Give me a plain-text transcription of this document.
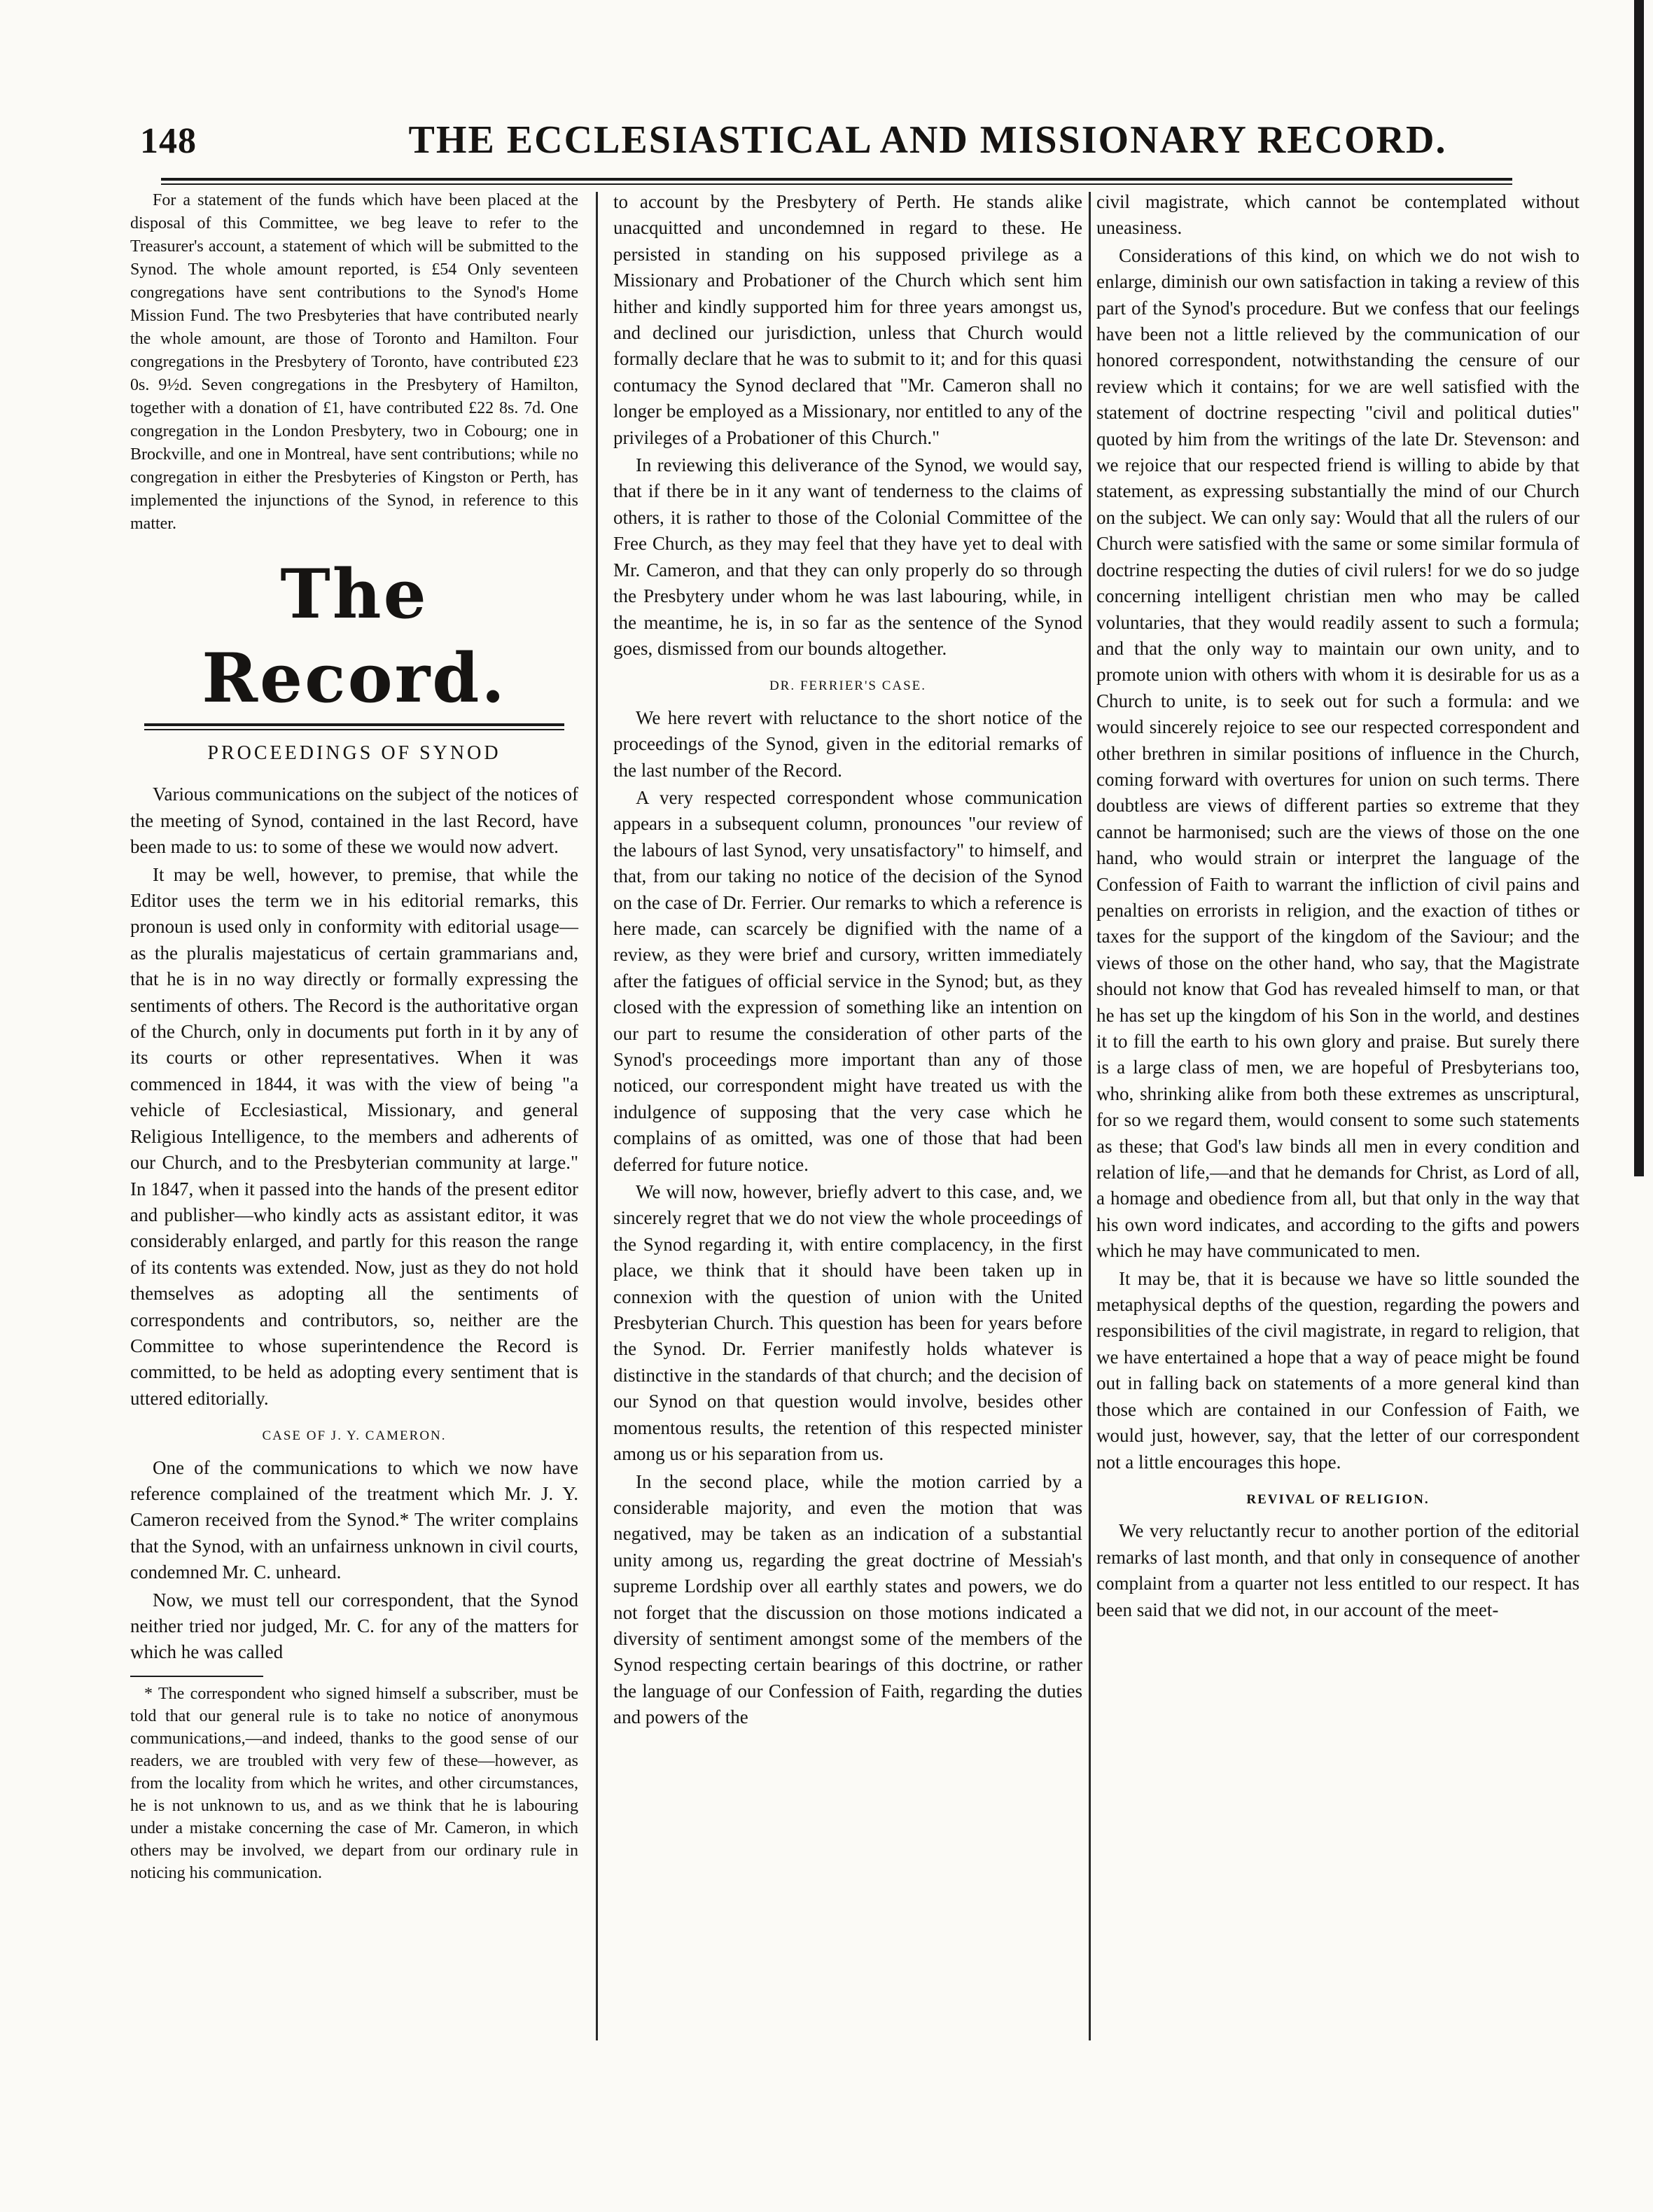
148	THE ECCLESIASTICAL AND MISSIONARY RECORD.

For a statement of the funds which have been placed at the disposal of this Committee, we beg leave to refer to the Treasurer's account, a statement of which will be submitted to the Synod. The whole amount reported, is £54 Only seventeen congregations have sent contributions to the Synod's Home Mission Fund. The two Presbyteries that have contributed nearly the whole amount, are those of Toronto and Hamilton. Four congregations in the Presbytery of Toronto, have contributed £23 0s. 9½d. Seven congregations in the Presbytery of Hamilton, together with a donation of £1, have contributed £22 8s. 7d. One congregation in the London Presbytery, two in Cobourg; one in Brockville, and one in Montreal, have sent contributions; while no congregation in either the Presbyteries of Kingston or Perth, has implemented the injunctions of the Synod, in reference to this matter.

The Record.
PROCEEDINGS OF SYNOD

Various communications on the subject of the notices of the meeting of Synod, contained in the last Record, have been made to us: to some of these we would now advert.

It may be well, however, to premise, that while the Editor uses the term we in his editorial remarks, this pronoun is used only in conformity with editorial usage—as the pluralis majestaticus of certain grammarians and, that he is in no way directly or formally expressing the sentiments of others. The Record is the authoritative organ of the Church, only in documents put forth in it by any of its courts or other representatives. When it was commenced in 1844, it was with the view of being "a vehicle of Ecclesiastical, Missionary, and general Religious Intelligence, to the members and adherents of our Church, and to the Presbyterian community at large." In 1847, when it passed into the hands of the present editor and publisher—who kindly acts as assistant editor, it was considerably enlarged, and partly for this reason the range of its contents was extended. Now, just as they do not hold themselves as adopting all the sentiments of correspondents and contributors, so, neither are the Committee to whose superintendence the Record is committed, to be held as adopting every sentiment that is uttered editorially.

CASE OF J. Y. CAMERON.

One of the communications to which we now have reference complained of the treatment which Mr. J. Y. Cameron received from the Synod.* The writer complains that the Synod, with an unfairness unknown in civil courts, condemned Mr. C. unheard.

Now, we must tell our correspondent, that the Synod neither tried nor judged, Mr. C. for any of the matters for which he was called

* The correspondent who signed himself a subscriber, must be told that our general rule is to take no notice of anonymous communications,—and indeed, thanks to the good sense of our readers, we are troubled with very few of these—however, as from the locality from which he writes, and other circumstances, he is not unknown to us, and as we think that he is labouring under a mistake concerning the case of Mr. Cameron, in which others may be involved, we depart from our ordinary rule in noticing his communication.

to account by the Presbytery of Perth. He stands alike unacquitted and uncondemned in regard to these. He persisted in standing on his supposed privilege as a Missionary and Probationer of the Church which sent him hither and kindly supported him for three years amongst us, and declined our jurisdiction, unless that Church would formally declare that he was to submit to it; and for this quasi contumacy the Synod declared that "Mr. Cameron shall no longer be employed as a Missionary, nor entitled to any of the privileges of a Probationer of this Church."

In reviewing this deliverance of the Synod, we would say, that if there be in it any want of tenderness to the claims of others, it is rather to those of the Colonial Committee of the Free Church, as they may feel that they have yet to deal with Mr. Cameron, and that they can only properly do so through the Presbytery under whom he was last labouring, while, in the meantime, he is, in so far as the sentence of the Synod goes, dismissed from our bounds altogether.

DR. FERRIER'S CASE.

We here revert with reluctance to the short notice of the proceedings of the Synod, given in the editorial remarks of the last number of the Record.

A very respected correspondent whose communication appears in a subsequent column, pronounces "our review of the labours of last Synod, very unsatisfactory" to himself, and that, from our taking no notice of the decision of the Synod on the case of Dr. Ferrier. Our remarks to which a reference is here made, can scarcely be dignified with the name of a review, as they were brief and cursory, written immediately after the fatigues of official service in the Synod; but, as they closed with the expression of something like an intention on our part to resume the consideration of other parts of the Synod's proceedings more important than any of those noticed, our correspondent might have treated us with the indulgence of supposing that the very case which he complains of as omitted, was one of those that had been deferred for future notice.

We will now, however, briefly advert to this case, and, we sincerely regret that we do not view the whole proceedings of the Synod regarding it, with entire complacency, in the first place, we think that it should have been taken up in connexion with the question of union with the United Presbyterian Church. This question has been for years before the Synod. Dr. Ferrier manifestly holds whatever is distinctive in the standards of that church; and the decision of our Synod on that question would involve, besides other momentous results, the retention of this respected minister among us or his separation from us.

In the second place, while the motion carried by a considerable majority, and even the motion that was negatived, may be taken as an indication of a substantial unity among us, regarding the great doctrine of Messiah's supreme Lordship over all earthly states and powers, we do not forget that the discussion on those motions indicated a diversity of sentiment amongst some of the members of the Synod respecting certain bearings of this doctrine, or rather the language of our Confession of Faith, regarding the duties and powers of the

civil magistrate, which cannot be contemplated without uneasiness.

Considerations of this kind, on which we do not wish to enlarge, diminish our own satisfaction in taking a review of this part of the Synod's procedure. But we confess that our feelings have been not a little relieved by the communication of our honored correspondent, notwithstanding the censure of our review which it contains; for we are well satisfied with the statement of doctrine respecting "civil and political duties" quoted by him from the writings of the late Dr. Stevenson: and we rejoice that our respected friend is willing to abide by that statement, as expressing substantially the mind of our Church on the subject. We can only say: Would that all the rulers of our Church were satisfied with the same or some similar formula of doctrine respecting the duties of civil rulers! for we do so judge concerning intelligent christian men who may be called voluntaries, that they would readily assent to such a formula; and that the only way to maintain our own unity, and to promote union with others with whom it is desirable for us as a Church to unite, is to seek out for such a formula: and we would sincerely rejoice to see our respected correspondent and other brethren in similar positions of influence in the Church, coming forward with overtures for union on such terms. There doubtless are views of different parties so extreme that they cannot be harmonised; such are the views of those on the one hand, who would strain or interpret the language of the Confession of Faith to warrant the infliction of civil pains and penalties on errorists in religion, and the exaction of tithes or taxes for the support of the kingdom of the Saviour; and the views of those on the other hand, who say, that the Magistrate should not know that God has revealed himself to man, or that he has set up the kingdom of his Son in the world, and destines it to fill the earth to his own glory and praise. But surely there is a large class of men, we are hopeful of Presbyterians too, who, shrinking alike from both these extremes as unscriptural, for so we regard them, would consent to some such statements as these; that God's law binds all men in every condition and relation of life,—and that he demands for Christ, as Lord of all, a homage and obedience from all, but that only in the way that his own word indicates, and according to the gifts and powers which he may have communicated to men.

It may be, that it is because we have so little sounded the metaphysical depths of the question, regarding the powers and responsibilities of the civil magistrate, in regard to religion, that we have entertained a hope that a way of peace might be found out in falling back on statements of a more general kind than those which are contained in our Confession of Faith, we would just, however, say, that the letter of our correspondent not a little encourages this hope.

REVIVAL OF RELIGION.

We very reluctantly recur to another portion of the editorial remarks of last month, and that only in consequence of another complaint from a quarter not less entitled to our respect. It has been said that we did not, in our account of the meet-
